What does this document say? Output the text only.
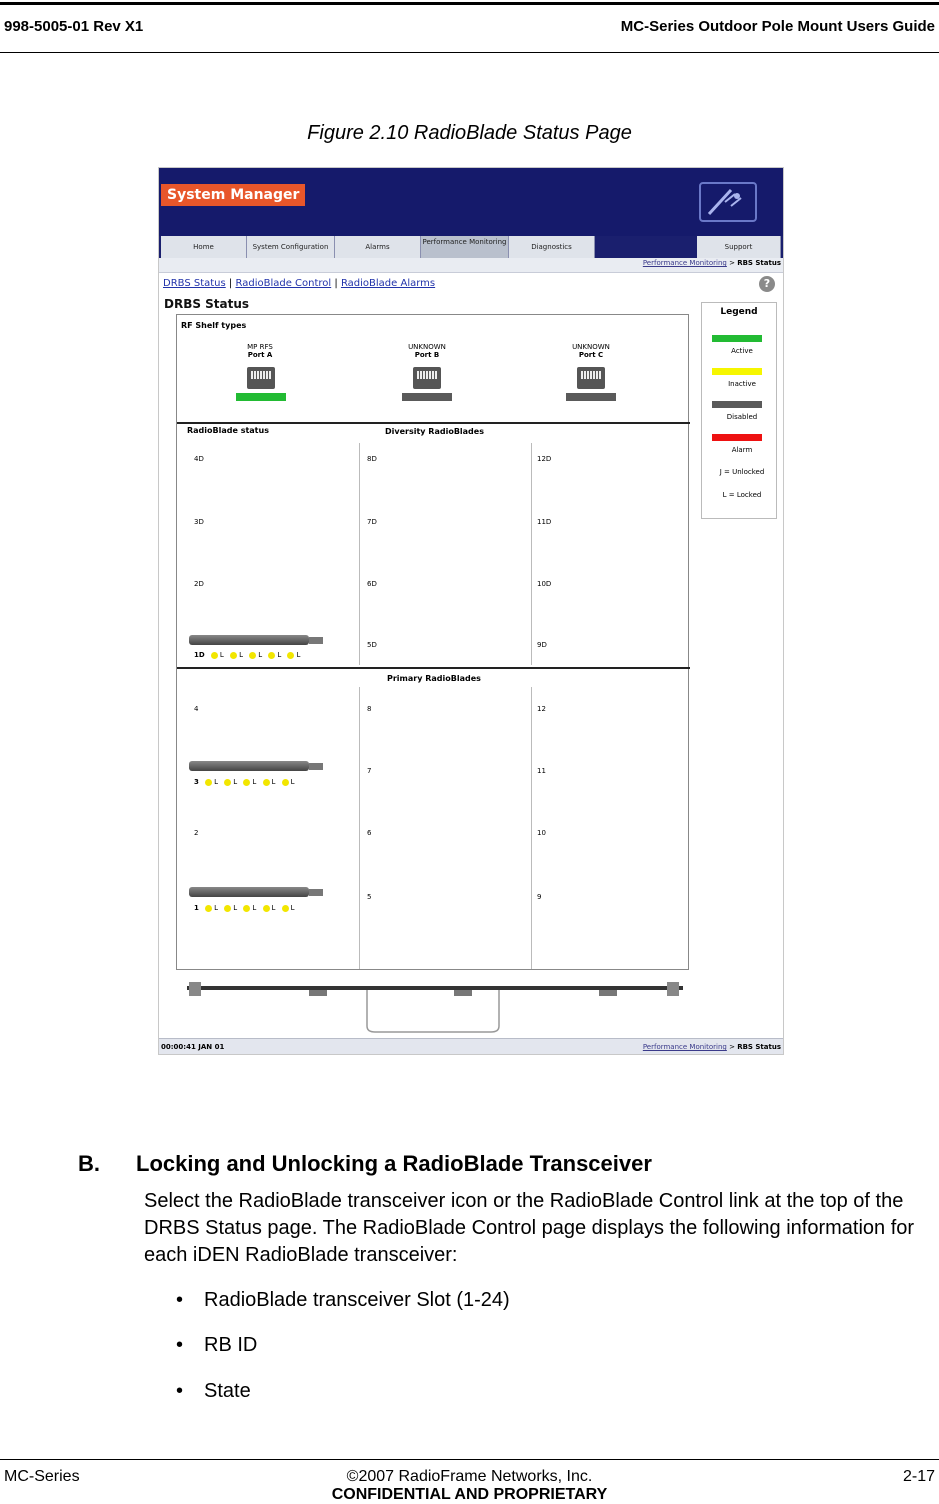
998-5005-01 Rev X1	MC-Series Outdoor Pole Mount Users Guide
Figure 2.10 RadioBlade Status Page
System Manager
Home	System Configuration	Alarms
Performance Monitoring
Diagnostics	Support
Performance Monitoring > RBS Status
DRBS Status | RadioBlade Control | RadioBlade Alarms	?
DRBS Status
RF Shelf types
MP RFS
Port A
UNKNOWN
Port B
UNKNOWN
Port C
RadioBlade status	Diversity RadioBlades
4D
3D
2D
1D L L L L L
8D
7D
6D
5D
12D
11D
10D
9D
Primary RadioBlades
4
3 L L L L L
2
1 L L L L L
8
7
6
5
12
11
10
9
Legend
Active
Inactive
Disabled
Alarm
J = Unlocked
L = Locked
00:00:41 JAN 01	Performance Monitoring > RBS Status
B. Locking and Unlocking a RadioBlade Transceiver
Select the RadioBlade transceiver icon or the RadioBlade Control link at the top of the DRBS Status page. The RadioBlade Control page displays the following information for each iDEN RadioBlade transceiver:
• RadioBlade transceiver Slot (1-24)
• RB ID
• State
MC-Series	©2007 RadioFrame Networks, Inc.
CONFIDENTIAL AND PROPRIETARY
2-17
